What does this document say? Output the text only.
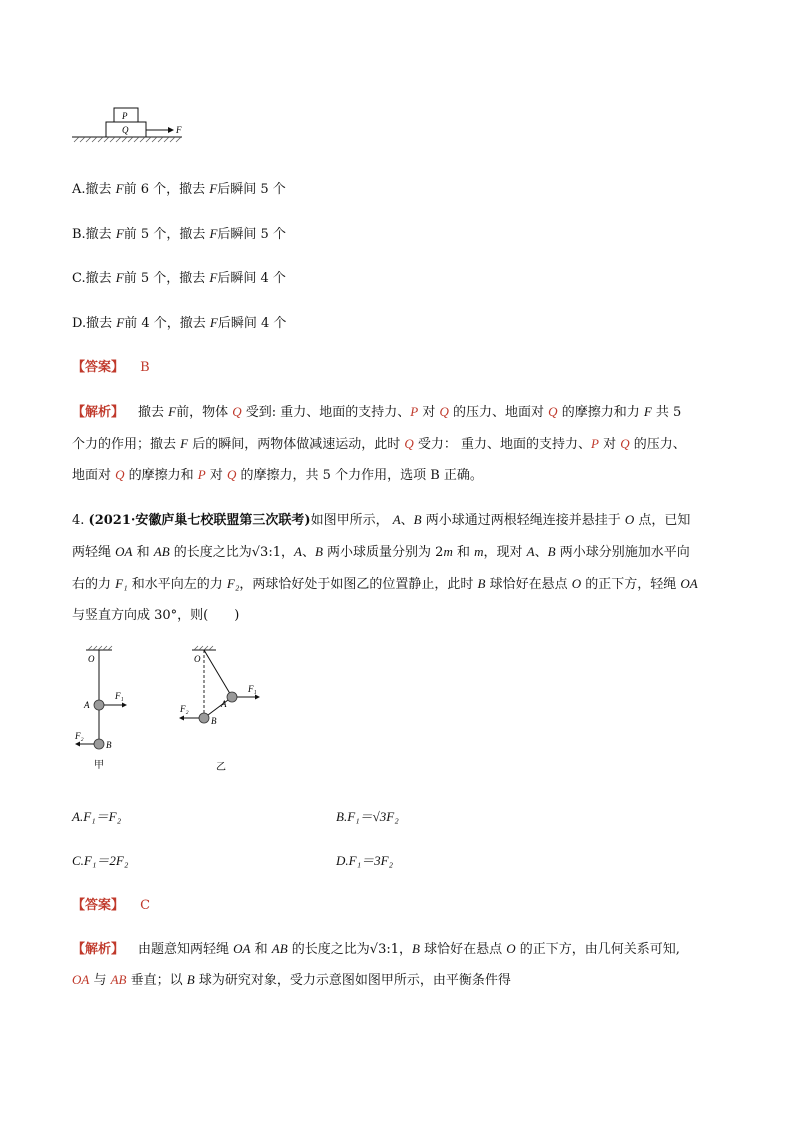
P
Q	F
A.撤去 F前 6 个，撤去 F后瞬间 5 个
B.撤去 F前 5 个，撤去 F后瞬间 5 个
C.撤去 F前 5 个，撤去 F后瞬间 4 个
D.撤去 F前 4 个，撤去 F后瞬间 4 个
【答案】 B
【解析】 撤去 F前，物体 Q 受到: 重力、地面的支持力、P 对 Q 的压力、地面对 Q 的摩擦力和力 F 共 5
个力的作用；撤去 F 后的瞬间，两物体做减速运动，此时 Q 受力： 重力、地面的支持力、P 对 Q 的压力、
地面对 Q 的摩擦力和 P 对 Q 的摩擦力，共 5 个力作用，选项 B 正确。
4. (2021·安徽庐巢七校联盟第三次联考)如图甲所示， A、B 两小球通过两根轻绳连接并悬挂于 O 点，已知
两轻绳 OA 和 AB 的长度之比为√3:1，A、B 两小球质量分别为 2m 和 m，现对 A、B 两小球分别施加水平向
右的力 F₁ 和水平向左的力 F₂，两球恰好处于如图乙的位置静止，此时 B 球恰好在悬点 O 的正下方，轻绳 OA
与竖直方向成 30°，则(　　)
O
A
B
F₁
F₂
甲
O
A
B
F₁
F₂
乙
A.F₁＝F₂	B.F₁＝√3F₂
C.F₁＝2F₂	D.F₁＝3F₂
【答案】 C
【解析】 由题意知两轻绳 OA 和 AB 的长度之比为√3:1，B 球恰好在悬点 O 的正下方，由几何关系可知,
OA 与 AB 垂直；以 B 球为研究对象，受力示意图如图甲所示，由平衡条件得
